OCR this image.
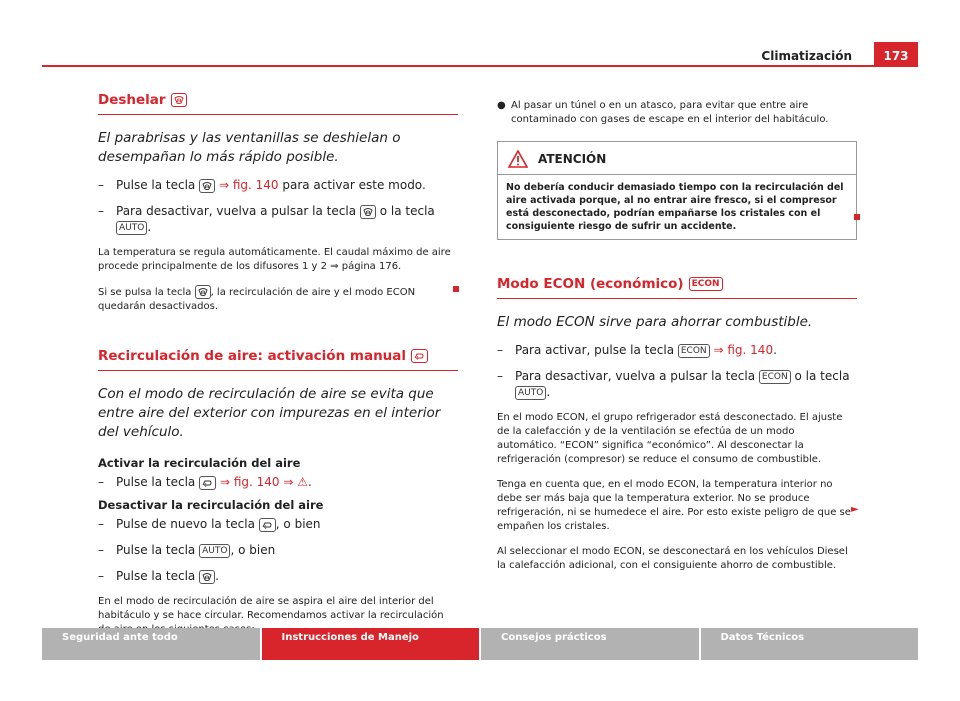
Climatización	173
Deshelar
El parabrisas y las ventanillas se deshielan o desempañan lo más rápido posible.
–	Pulse la tecla ⇒ fig. 140 para activar este modo.
–	Para desactivar, vuelva a pulsar la tecla o la tecla AUTO .
La temperatura se regula automáticamente. El caudal máximo de aire procede principalmente de los difusores 1 y 2 ⇒ página 176.
Si se pulsa la tecla , la recirculación de aire y el modo ECON quedarán desactivados.
Recirculación de aire: activación manual
Con el modo de recirculación de aire se evita que entre aire del exterior con impurezas en el interior del vehículo.
Activar la recirculación del aire
–	Pulse la tecla ⇒ fig. 140 ⇒ ⚠.
Desactivar la recirculación del aire
–	Pulse de nuevo la tecla , o bien
–	Pulse la tecla AUTO , o bien
–	Pulse la tecla .
En el modo de recirculación de aire se aspira el aire del interior del habitáculo y se hace circular. Recomendamos activar la recirculación
● Al pasar un túnel o en un atasco, para evitar que entre aire contaminado con gases de escape en el interior del habitáculo.
ATENCIÓN
No debería conducir demasiado tiempo con la recirculación del aire activada porque, al no entrar aire fresco, si el compresor está desconectado, podrían empañarse los cristales con el consiguiente riesgo de sufrir un accidente.
Modo ECON (económico) ECON
El modo ECON sirve para ahorrar combustible.
–	Para activar, pulse la tecla ECON ⇒ fig. 140.
–	Para desactivar, vuelva a pulsar la tecla ECON o la tecla AUTO .
En el modo ECON, el grupo refrigerador está desconectado. El ajuste de la calefacción y de la ventilación se efectúa de un modo automático. “ECON” significa “económico”. Al desconectar la refrigeración (compresor) se reduce el consumo de combustible.
Tenga en cuenta que, en el modo ECON, la temperatura interior no debe ser más baja que la temperatura exterior. No se produce refrigeración, ni se humedece el aire. Por esto existe peligro de que se empañen los cristales.
Al seleccionar el modo ECON, se desconectará en los vehículos Diesel la calefacción adicional, con el consiguiente ahorro de combustible.
►
Seguridad ante todo	Instrucciones de Manejo	Consejos prácticos	Datos Técnicos
